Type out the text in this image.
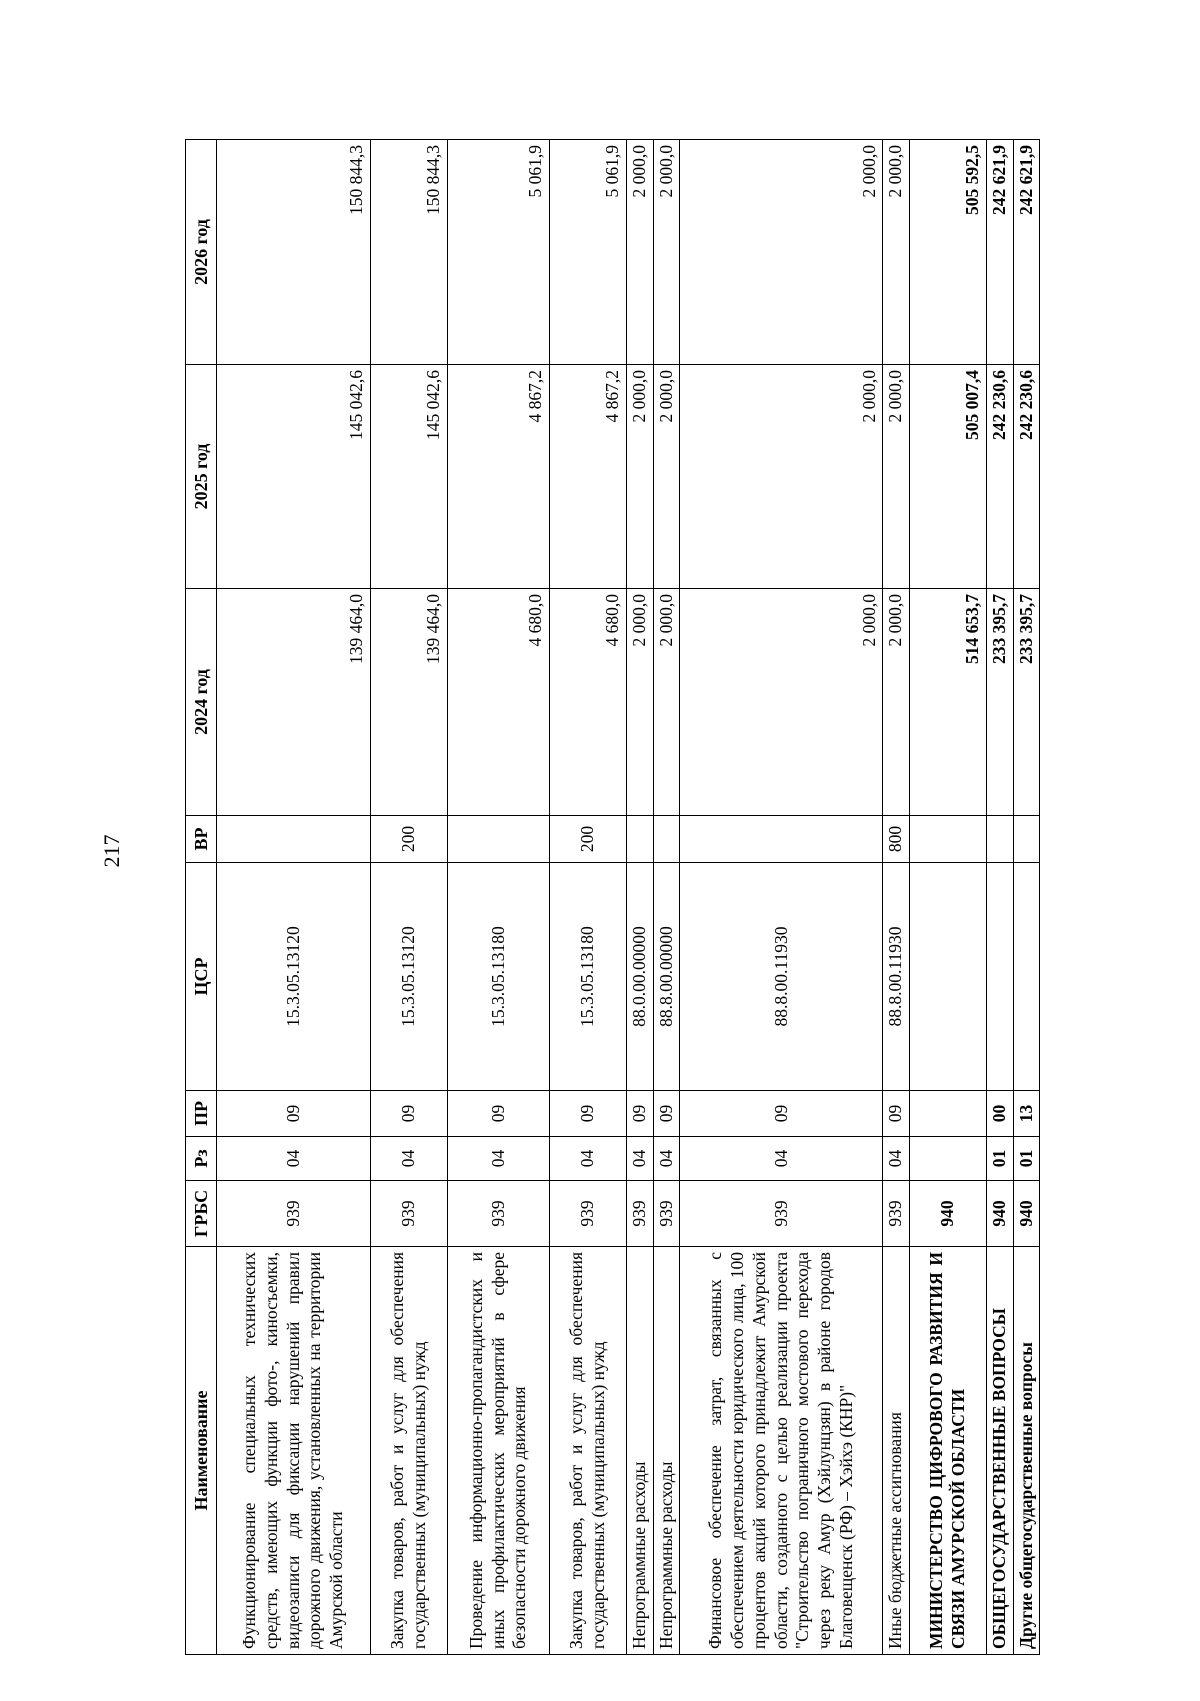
217
Наименование	ГРБС	Рз	ПР	ЦСР	ВР	2024 год	2025 год	2026 год
Функционирование специальных технических средств, имеющих функции фото-, киносъемки, видеозаписи для фиксации нарушений правил дорожного движения, установленных на территории Амурской области	939	04	09	15.3.05.13120		139 464,0	145 042,6	150 844,3
Закупка товаров, работ и услуг для обеспечения государственных (муниципальных) нужд	939	04	09	15.3.05.13120	200	139 464,0	145 042,6	150 844,3
Проведение информационно-пропагандистских и иных профилактических мероприятий в сфере безопасности дорожного движения	939	04	09	15.3.05.13180		4 680,0	4 867,2	5 061,9
Закупка товаров, работ и услуг для обеспечения государственных (муниципальных) нужд	939	04	09	15.3.05.13180	200	4 680,0	4 867,2	5 061,9
Непрограммные расходы	939	04	09	88.0.00.00000		2 000,0	2 000,0	2 000,0
Непрограммные расходы	939	04	09	88.8.00.00000		2 000,0	2 000,0	2 000,0
Финансовое обеспечение затрат, связанных с обеспечением деятельности юридического лица, 100 процентов акций которого принадлежит Амурской области, созданного с целью реализации проекта "Строительство пограничного мостового перехода через реку Амур (Хэйлунцзян) в районе городов Благовещенск (РФ) – Хэйхэ (КНР)"	939	04	09	88.8.00.11930		2 000,0	2 000,0	2 000,0
Иные бюджетные ассигнования	939	04	09	88.8.00.11930	800	2 000,0	2 000,0	2 000,0
МИНИСТЕРСТВО ЦИФРОВОГО РАЗВИТИЯ И СВЯЗИ АМУРСКОЙ ОБЛАСТИ	940					514 653,7	505 007,4	505 592,5
ОБЩЕГОСУДАРСТВЕННЫЕ ВОПРОСЫ	940	01	00			233 395,7	242 230,6	242 621,9
Другие общегосударственные вопросы	940	01	13			233 395,7	242 230,6	242 621,9
